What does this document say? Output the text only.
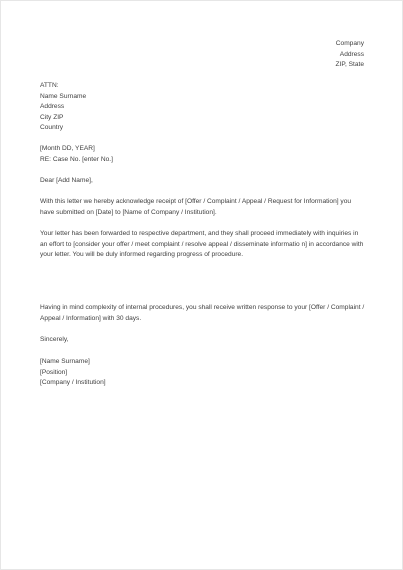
Company
Address
ZIP, State
ATTN:
Name Surname
Address
City ZIP
Country
[Month DD, YEAR]
RE: Case No. [enter No.]
Dear [Add Name],
With this letter we hereby acknowledge receipt of [Offer / Complaint / Appeal / Request for Information] you
have submitted on [Date] to [Name of Company / Institution].
Your letter has been forwarded to respective department, and they shall proceed immediately with inquiries in
an effort to [consider your offer / meet complaint / resolve appeal / disseminate informatio n] in accordance with
your letter. You will be duly informed regarding progress of procedure.
Having in mind complexity of internal procedures, you shall receive written response to your [Offer / Complaint /
Appeal / Information] with 30 days.
Sincerely,
[Name Surname]
[Position]
[Company / Institution]
